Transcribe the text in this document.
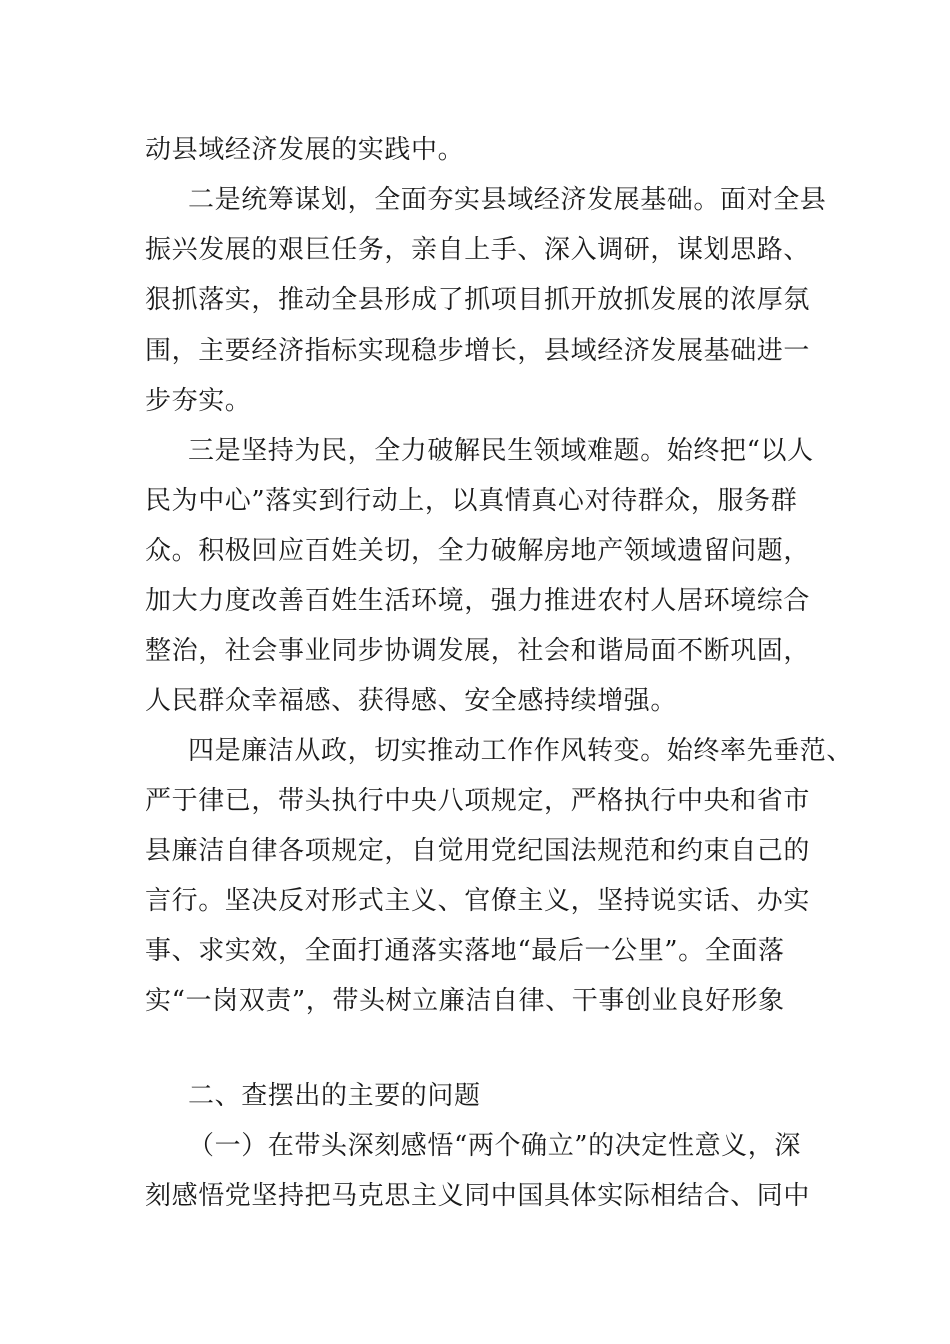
动县域经济发展的实践中。
二是统筹谋划，全面夯实县域经济发展基础。面对全县
振兴发展的艰巨任务，亲自上手、深入调研，谋划思路、
狠抓落实，推动全县形成了抓项目抓开放抓发展的浓厚氛
围，主要经济指标实现稳步增长，县域经济发展基础进一
步夯实。
三是坚持为民，全力破解民生领域难题。始终把“以人
民为中心”落实到行动上，以真情真心对待群众，服务群
众。积极回应百姓关切，全力破解房地产领域遗留问题，
加大力度改善百姓生活环境，强力推进农村人居环境综合
整治，社会事业同步协调发展，社会和谐局面不断巩固，
人民群众幸福感、获得感、安全感持续增强。
四是廉洁从政，切实推动工作作风转变。始终率先垂范、
严于律已，带头执行中央八项规定，严格执行中央和省市
县廉洁自律各项规定，自觉用党纪国法规范和约束自己的
言行。坚决反对形式主义、官僚主义，坚持说实话、办实
事、求实效，全面打通落实落地“最后一公里”。全面落
实“一岗双责”，带头树立廉洁自律、干事创业良好形象
二、查摆出的主要的问题
（一）在带头深刻感悟“两个确立”的决定性意义，深
刻感悟党坚持把马克思主义同中国具体实际相结合、同中
